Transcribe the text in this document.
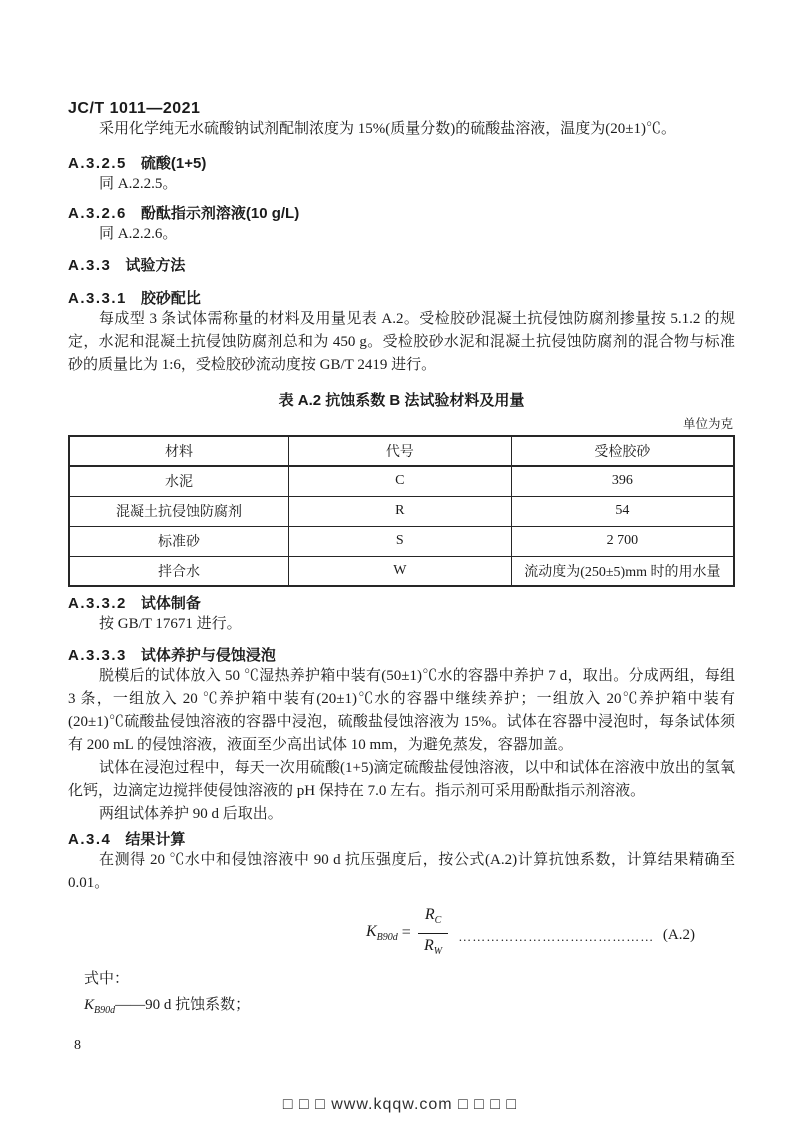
JC/T 1011—2021

采用化学纯无水硫酸钠试剂配制浓度为 15%(质量分数)的硫酸盐溶液，温度为(20±1)℃。

A.3.2.5 硫酸(1+5)

同 A.2.2.5。

A.3.2.6 酚酞指示剂溶液(10 g/L)

同 A.2.2.6。

A.3.3 试验方法
A.3.3.1 胶砂配比

每成型 3 条试体需称量的材料及用量见表 A.2。受检胶砂混凝土抗侵蚀防腐剂掺量按 5.1.2 的规定，水泥和混凝土抗侵蚀防腐剂总和为 450 g。受检胶砂水泥和混凝土抗侵蚀防腐剂的混合物与标准砂的质量比为 1:6，受检胶砂流动度按 GB/T 2419 进行。

表 A.2 抗蚀系数 B 法试验材料及用量
单位为克
材料	代号	受检胶砂
水泥	C	396
混凝土抗侵蚀防腐剂	R	54
标准砂	S	2 700
拌合水	W	流动度为(250±5)mm 时的用水量
A.3.3.2 试体制备

按 GB/T 17671 进行。

A.3.3.3 试体养护与侵蚀浸泡

脱模后的试体放入 50 ℃湿热养护箱中装有(50±1)℃水的容器中养护 7 d，取出。分成两组，每组 3 条，一组放入 20 ℃养护箱中装有(20±1)℃水的容器中继续养护；一组放入 20℃养护箱中装有(20±1)℃硫酸盐侵蚀溶液的容器中浸泡，硫酸盐侵蚀溶液为 15%。试体在容器中浸泡时，每条试体须有 200 mL 的侵蚀溶液，液面至少高出试体 10 mm，为避免蒸发，容器加盖。

试体在浸泡过程中，每天一次用硫酸(1+5)滴定硫酸盐侵蚀溶液，以中和试体在溶液中放出的氢氧化钙，边滴定边搅拌使侵蚀溶液的 pH 保持在 7.0 左右。指示剂可采用酚酞指示剂溶液。

两组试体养护 90 d 后取出。

A.3.4 结果计算

在测得 20 ℃水中和侵蚀溶液中 90 d 抗压强度后，按公式(A.2)计算抗蚀系数，计算结果精确至 0.01。

$K_{B90d} = \frac{R_C}{R_W}$ …………………………………… (A.2)
式中：
$K_{B90d}——90$ d 抗蚀系数；
8
□ □ □ www.kqqw.com □ □ □ □
